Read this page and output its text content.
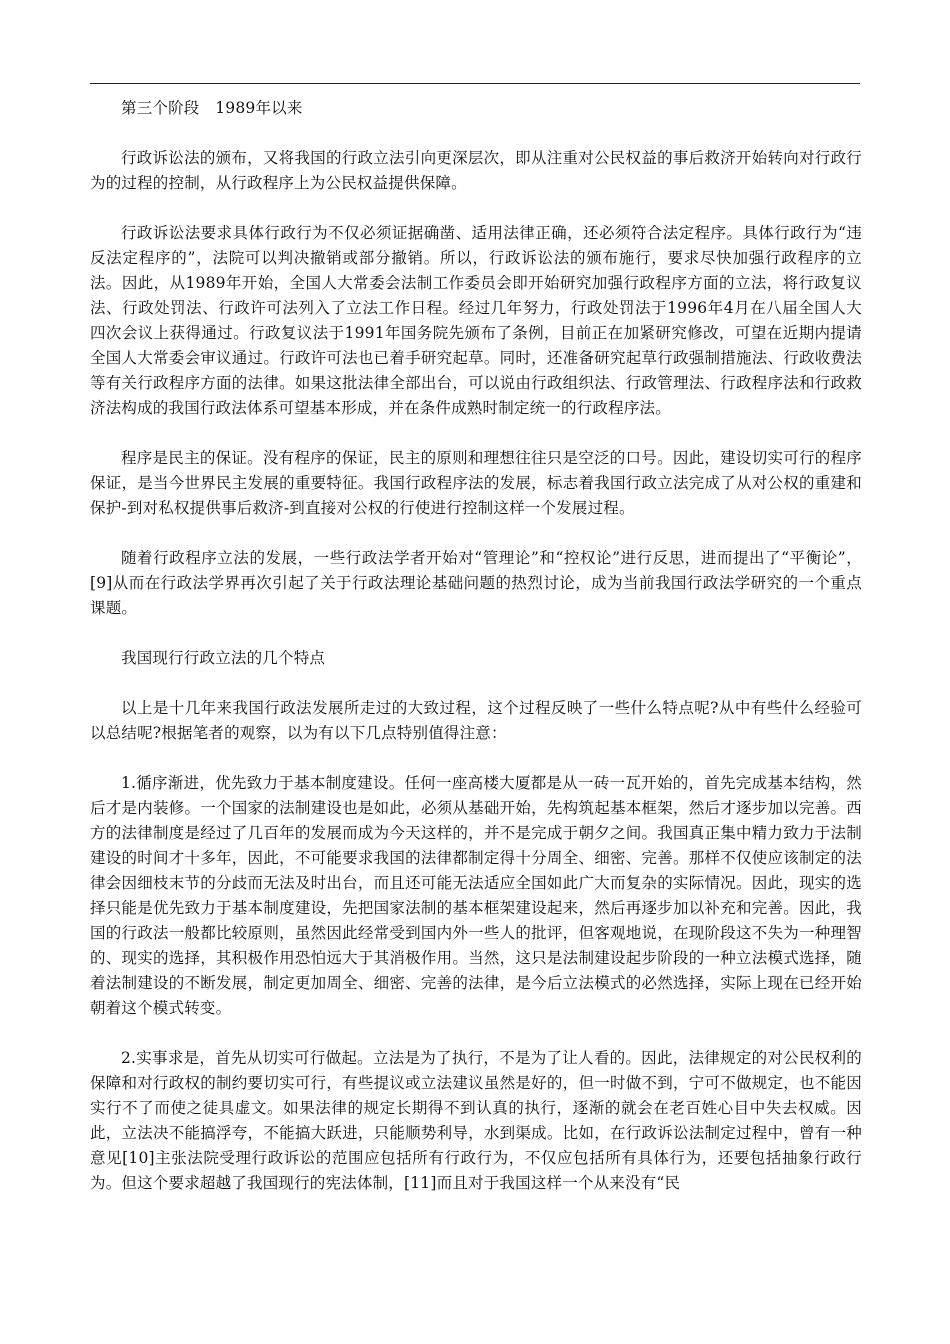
第三个阶段　1989年以来

行政诉讼法的颁布，又将我国的行政立法引向更深层次，即从注重对公民权益的事后救济开始转向对行政行为的过程的控制，从行政程序上为公民权益提供保障。

行政诉讼法要求具体行政行为不仅必须证据确凿、适用法律正确，还必须符合法定程序。具体行政行为“违反法定程序的”，法院可以判决撤销或部分撤销。所以，行政诉讼法的颁布施行，要求尽快加强行政程序的立法。因此，从1989年开始，全国人大常委会法制工作委员会即开始研究加强行政程序方面的立法，将行政复议法、行政处罚法、行政许可法列入了立法工作日程。经过几年努力，行政处罚法于1996年4月在八届全国人大四次会议上获得通过。行政复议法于1991年国务院先颁布了条例，目前正在加紧研究修改，可望在近期内提请全国人大常委会审议通过。行政许可法也已着手研究起草。同时，还准备研究起草行政强制措施法、行政收费法等有关行政程序方面的法律。如果这批法律全部出台，可以说由行政组织法、行政管理法、行政程序法和行政救济法构成的我国行政法体系可望基本形成，并在条件成熟时制定统一的行政程序法。

程序是民主的保证。没有程序的保证，民主的原则和理想往往只是空泛的口号。因此，建设切实可行的程序保证，是当今世界民主发展的重要特征。我国行政程序法的发展，标志着我国行政立法完成了从对公权的重建和保护-到对私权提供事后救济-到直接对公权的行使进行控制这样一个发展过程。

随着行政程序立法的发展，一些行政法学者开始对“管理论”和“控权论”进行反思，进而提出了“平衡论”，[9]从而在行政法学界再次引起了关于行政法理论基础问题的热烈讨论，成为当前我国行政法学研究的一个重点课题。

我国现行行政立法的几个特点

以上是十几年来我国行政法发展所走过的大致过程，这个过程反映了一些什么特点呢?从中有些什么经验可以总结呢?根据笔者的观察，以为有以下几点特别值得注意：

1.循序渐进，优先致力于基本制度建设。任何一座高楼大厦都是从一砖一瓦开始的，首先完成基本结构，然后才是内装修。一个国家的法制建设也是如此，必须从基础开始，先构筑起基本框架，然后才逐步加以完善。西方的法律制度是经过了几百年的发展而成为今天这样的，并不是完成于朝夕之间。我国真正集中精力致力于法制建设的时间才十多年，因此，不可能要求我国的法律都制定得十分周全、细密、完善。那样不仅使应该制定的法律会因细枝末节的分歧而无法及时出台，而且还可能无法适应全国如此广大而复杂的实际情况。因此，现实的选择只能是优先致力于基本制度建设，先把国家法制的基本框架建设起来，然后再逐步加以补充和完善。因此，我国的行政法一般都比较原则，虽然因此经常受到国内外一些人的批评，但客观地说，在现阶段这不失为一种理智的、现实的选择，其积极作用恐怕远大于其消极作用。当然，这只是法制建设起步阶段的一种立法模式选择，随着法制建设的不断发展，制定更加周全、细密、完善的法律，是今后立法模式的必然选择，实际上现在已经开始朝着这个模式转变。

2.实事求是，首先从切实可行做起。立法是为了执行，不是为了让人看的。因此，法律规定的对公民权利的保障和对行政权的制约要切实可行，有些提议或立法建议虽然是好的，但一时做不到，宁可不做规定，也不能因实行不了而使之徒具虚文。如果法律的规定长期得不到认真的执行，逐渐的就会在老百姓心目中失去权威。因此，立法决不能搞浮夸，不能搞大跃进，只能顺势利导，水到渠成。比如，在行政诉讼法制定过程中，曾有一种意见[10]主张法院受理行政诉讼的范围应包括所有行政行为，不仅应包括所有具体行为，还要包括抽象行政行为。但这个要求超越了我国现行的宪法体制，[11]而且对于我国这样一个从来没有“民
